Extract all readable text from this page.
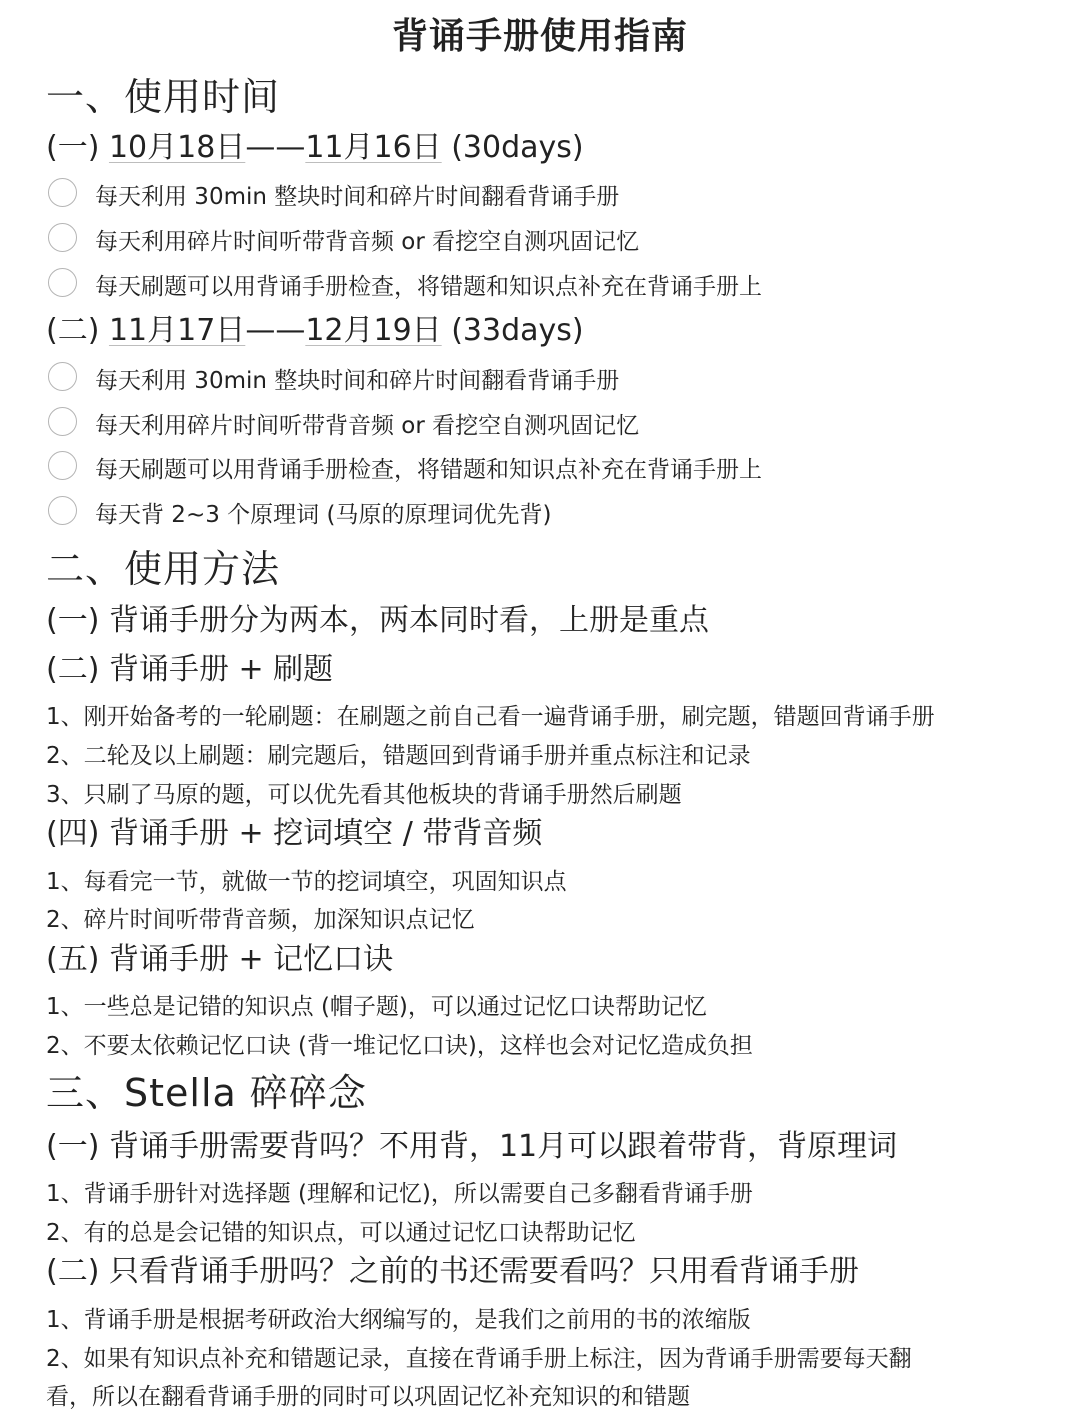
背诵手册使用指南
一、使用时间
(一) 10月18日——11月16日 (30days)
每天利用 30min 整块时间和碎片时间翻看背诵手册
每天利用碎片时间听带背音频 or 看挖空自测巩固记忆
每天刷题可以用背诵手册检查，将错题和知识点补充在背诵手册上
(二) 11月17日——12月19日 (33days)
每天利用 30min 整块时间和碎片时间翻看背诵手册
每天利用碎片时间听带背音频 or 看挖空自测巩固记忆
每天刷题可以用背诵手册检查，将错题和知识点补充在背诵手册上
每天背 2~3 个原理词 (马原的原理词优先背)
二、使用方法
(一) 背诵手册分为两本，两本同时看，上册是重点
(二) 背诵手册 + 刷题
1、刚开始备考的一轮刷题：在刷题之前自己看一遍背诵手册，刷完题，错题回背诵手册
2、二轮及以上刷题：刷完题后，错题回到背诵手册并重点标注和记录
3、只刷了马原的题，可以优先看其他板块的背诵手册然后刷题
(四) 背诵手册 + 挖词填空 / 带背音频
1、每看完一节，就做一节的挖词填空，巩固知识点
2、碎片时间听带背音频，加深知识点记忆
(五) 背诵手册 + 记忆口诀
1、一些总是记错的知识点 (帽子题)，可以通过记忆口诀帮助记忆
2、不要太依赖记忆口诀 (背一堆记忆口诀)，这样也会对记忆造成负担
三、Stella 碎碎念
(一) 背诵手册需要背吗？不用背，11月可以跟着带背，背原理词
1、背诵手册针对选择题 (理解和记忆)，所以需要自己多翻看背诵手册
2、有的总是会记错的知识点，可以通过记忆口诀帮助记忆
(二) 只看背诵手册吗？之前的书还需要看吗？只用看背诵手册
1、背诵手册是根据考研政治大纲编写的，是我们之前用的书的浓缩版
2、如果有知识点补充和错题记录，直接在背诵手册上标注，因为背诵手册需要每天翻
看，所以在翻看背诵手册的同时可以巩固记忆补充知识的和错题
